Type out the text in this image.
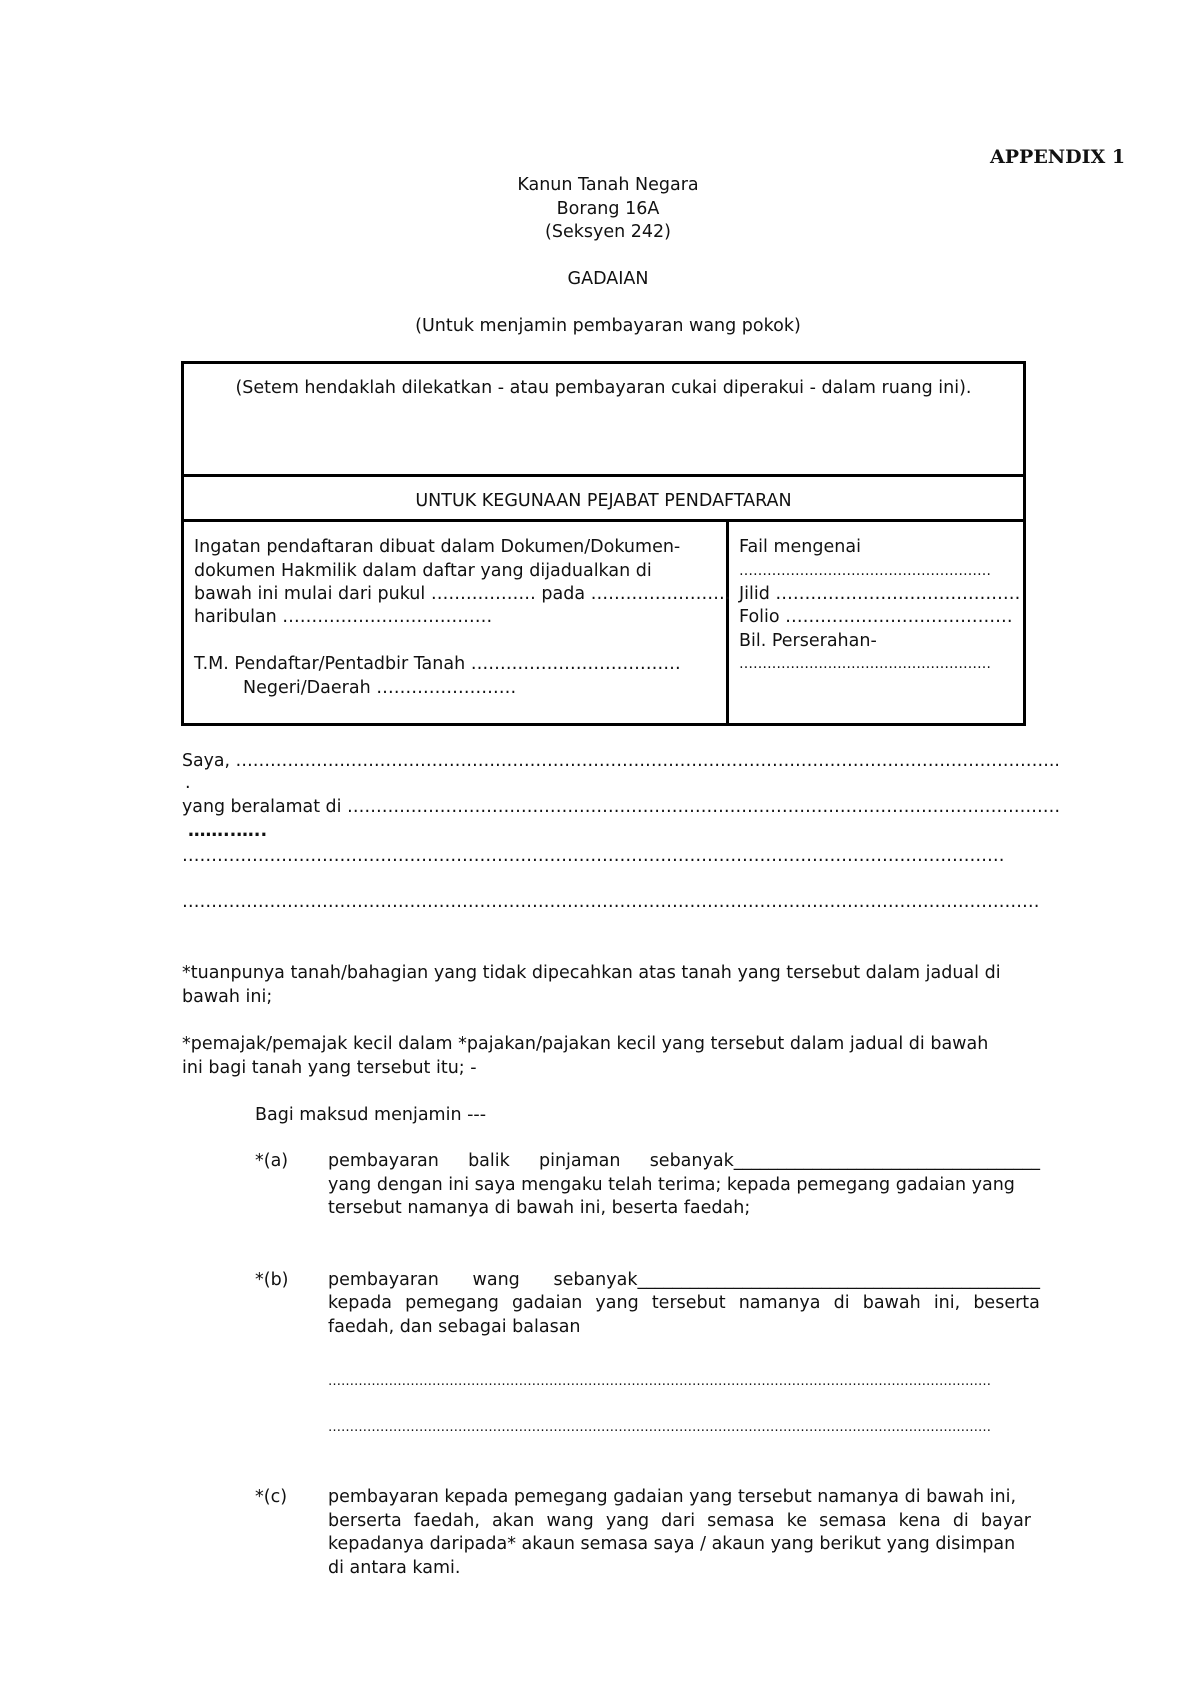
APPENDIX 1
Kanun Tanah Negara
Borang 16A
(Seksyen 242)
GADAIAN
(Untuk menjamin pembayaran wang pokok)
(Setem hendaklah dilekatkan - atau pembayaran cukai diperakui - dalam ruang ini).
UNTUK KEGUNAAN PEJABAT PENDAFTARAN
Ingatan pendaftaran dibuat dalam Dokumen/Dokumen-
dokumen Hakmilik dalam daftar yang dijadualkan di
bawah ini mulai dari pukul ……………… pada ……………………
haribulan ………………………………
T.M. Pendaftar/Pentadbir Tanah ………………………………
Negeri/Daerah ……………………
Fail mengenai
………………………………………………
Jilid ……………………………………
Folio …………………………………
Bil. Perserahan-
………………………………………………
Saya, ……………………………………………………………………………………………………………………………..
.
yang beralamat di ……………………………………………………………………………………………………………
……..…..
……………………………………………………………………………………………………………………………
…………………………………………………………………………………………………………………………………
*tuanpunya tanah/bahagian yang tidak dipecahkan atas tanah yang tersebut dalam jadual di
bawah ini;
*pemajak/pemajak kecil dalam *pajakan/pajakan kecil yang tersebut dalam jadual di bawah
ini bagi tanah yang tersebut itu; -
Bagi maksud menjamin ---
*(a) pembayaran balik pinjaman sebanyak___________________________________
yang dengan ini saya mengaku telah terima; kepada pemegang gadaian yang
tersebut namanya di bawah ini, beserta faedah;
*(b) pembayaran wang sebanyak______________________________________________
kepada pemegang gadaian yang tersebut namanya di bawah ini, beserta
faedah, dan sebagai balasan
………………………………………………………………………………………………………………………………………
………………………………………………………………………………………………………………………………………
*(c) pembayaran kepada pemegang gadaian yang tersebut namanya di bawah ini,
berserta faedah, akan wang yang dari semasa ke semasa kena di bayar
kepadanya daripada* akaun semasa saya / akaun yang berikut yang disimpan
di antara kami.
